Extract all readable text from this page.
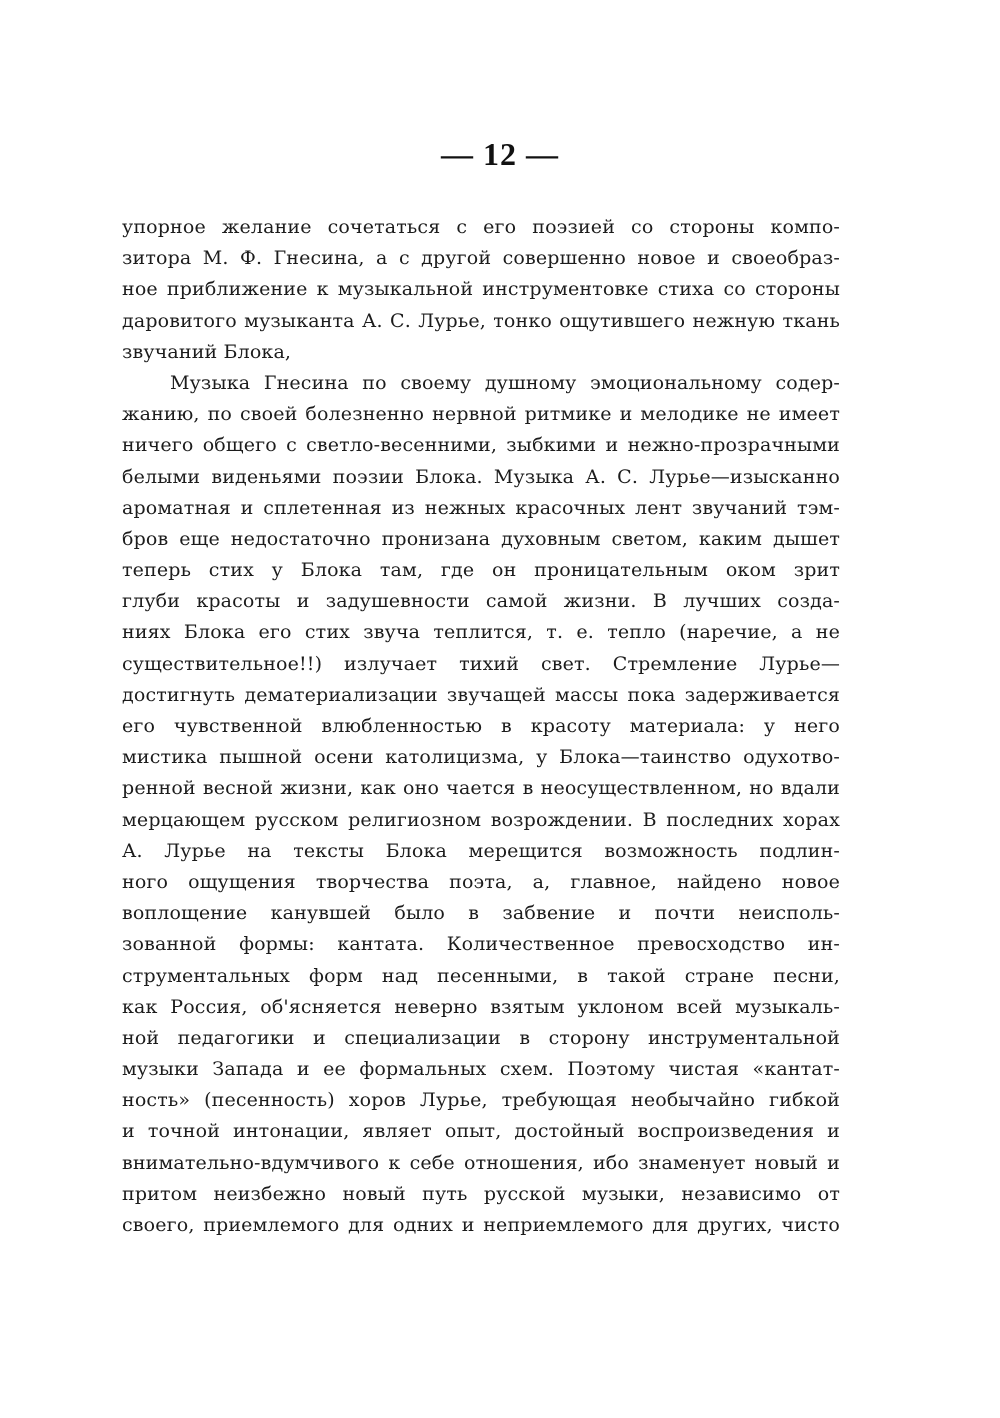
— 12 —
упорное желание сочетаться с его поэзией со стороны компо-
зитора М. Ф. Гнесина, а с другой совершенно новое и своеобраз-
ное приближение к музыкальной инструментовке стиха со стороны
даровитого музыканта А. С. Лурье, тонко ощутившего нежную ткань
звучаний Блока,
Музыка Гнесина по своему душному эмоциональному содер-
жанию, по своей болезненно нервной ритмике и мелодике не имеет
ничего общего с светло-весенними, зыбкими и нежно-прозрачными
белыми виденьями поэзии Блока. Музыка А. С. Лурье—изысканно
ароматная и сплетенная из нежных красочных лент звучаний тэм-
бров еще недостаточно пронизана духовным светом, каким дышет
теперь стих у Блока там, где он проницательным оком зрит
глуби красоты и задушевности самой жизни. В лучших созда-
ниях Блока его стих звуча теплится, т. е. тепло (наречие, а не
существительное!!) излучает тихий свет. Стремление Лурье—
достигнуть дематериализации звучащей массы пока задерживается
его чувственной влюбленностью в красоту материала: у него
мистика пышной осени католицизма, у Блока—таинство одухотво-
ренной весной жизни, как оно чается в неосуществленном, но вдали
мерцающем русском религиозном возрождении. В последних хорах
А. Лурье на тексты Блока мерещится возможность подлин-
ного ощущения творчества поэта, а, главное, найдено новое
воплощение канувшей было в забвение и почти неисполь-
зованной формы: кантата. Количественное превосходство ин-
струментальных форм над песенными, в такой стране песни,
как Россия, об'ясняется неверно взятым уклоном всей музыкаль-
ной педагогики и специализации в сторону инструментальной
музыки Запада и ее формальных схем. Поэтому чистая «кантат-
ность» (песенность) хоров Лурье, требующая необычайно гибкой
и точной интонации, являет опыт, достойный воспроизведения и
внимательно-вдумчивого к себе отношения, ибо знаменует новый и
притом неизбежно новый путь русской музыки, независимо от
своего, приемлемого для одних и неприемлемого для других, чисто
